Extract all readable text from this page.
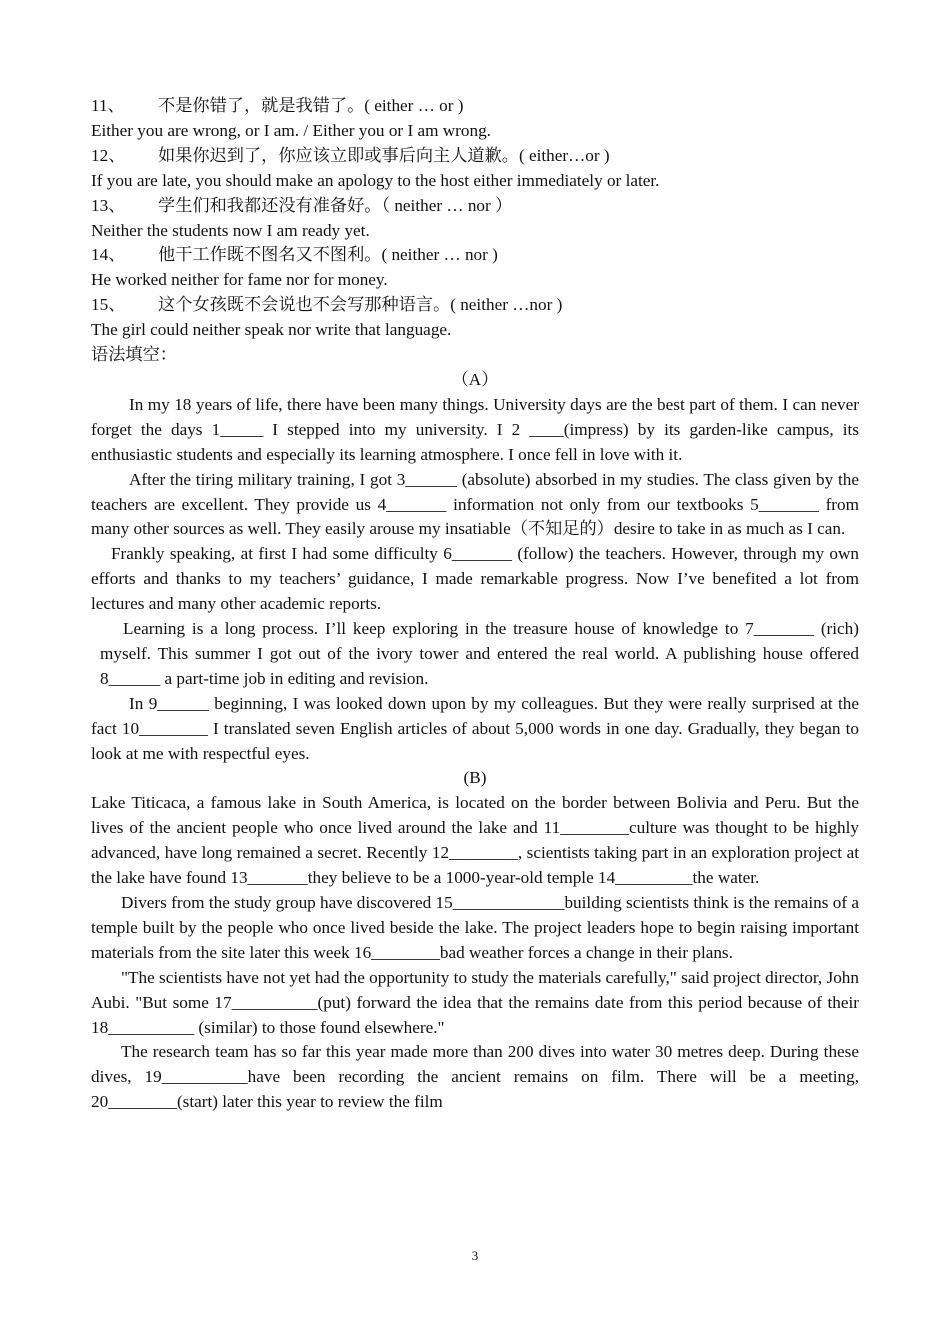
11、 不是你错了，就是我错了。( either … or )
Either you are wrong, or I am. / Either you or I am wrong.
12、 如果你迟到了，你应该立即或事后向主人道歉。( either…or )
If you are late, you should make an apology to the host either immediately or later.
13、 学生们和我都还没有准备好。（ neither … nor ）
Neither the students now I am ready yet.
14、 他干工作既不图名又不图利。( neither … nor )
He worked neither for fame nor for money.
15、 这个女孩既不会说也不会写那种语言。( neither …nor )
The girl could neither speak nor write that language.
语法填空：
（A）
In my 18 years of life, there have been many things. University days are the best part of them. I can never forget the days 1_____ I stepped into my university. I 2 ____(impress) by its garden-like campus, its enthusiastic students and especially its learning atmosphere. I once fell in love with it.
After the tiring military training, I got 3______ (absolute) absorbed in my studies. The class given by the teachers are excellent. They provide us 4_______ information not only from our textbooks 5_______ from many other sources as well. They easily arouse my insatiable（不知足的）desire to take in as much as I can.
Frankly speaking, at first I had some difficulty 6_______ (follow) the teachers. However, through my own efforts and thanks to my teachers’ guidance, I made remarkable progress. Now I’ve benefited a lot from lectures and many other academic reports.
Learning is a long process. I’ll keep exploring in the treasure house of knowledge to 7_______ (rich) myself. This summer I got out of the ivory tower and entered the real world. A publishing house offered 8______ a part-time job in editing and revision.
In 9______ beginning, I was looked down upon by my colleagues. But they were really surprised at the fact 10________ I translated seven English articles of about 5,000 words in one day. Gradually, they began to look at me with respectful eyes.
(B)
Lake Titicaca, a famous lake in South America, is located on the border between Bolivia and Peru. But the lives of the ancient people who once lived around the lake and 11________culture was thought to be highly advanced, have long remained a secret. Recently 12________, scientists taking part in an exploration project at the lake have found 13_______they believe to be a 1000-year-old temple 14_________the water.
Divers from the study group have discovered 15_____________building scientists think is the remains of a temple built by the people who once lived beside the lake. The project leaders hope to begin raising important materials from the site later this week 16________bad weather forces a change in their plans.
"The scientists have not yet had the opportunity to study the materials carefully," said project director, John Aubi. "But some 17__________(put) forward the idea that the remains date from this period because of their 18__________ (similar) to those found elsewhere."
The research team has so far this year made more than 200 dives into water 30 metres deep. During these dives, 19__________have been recording the ancient remains on film. There will be a meeting, 20________(start) later this year to review the film
3
